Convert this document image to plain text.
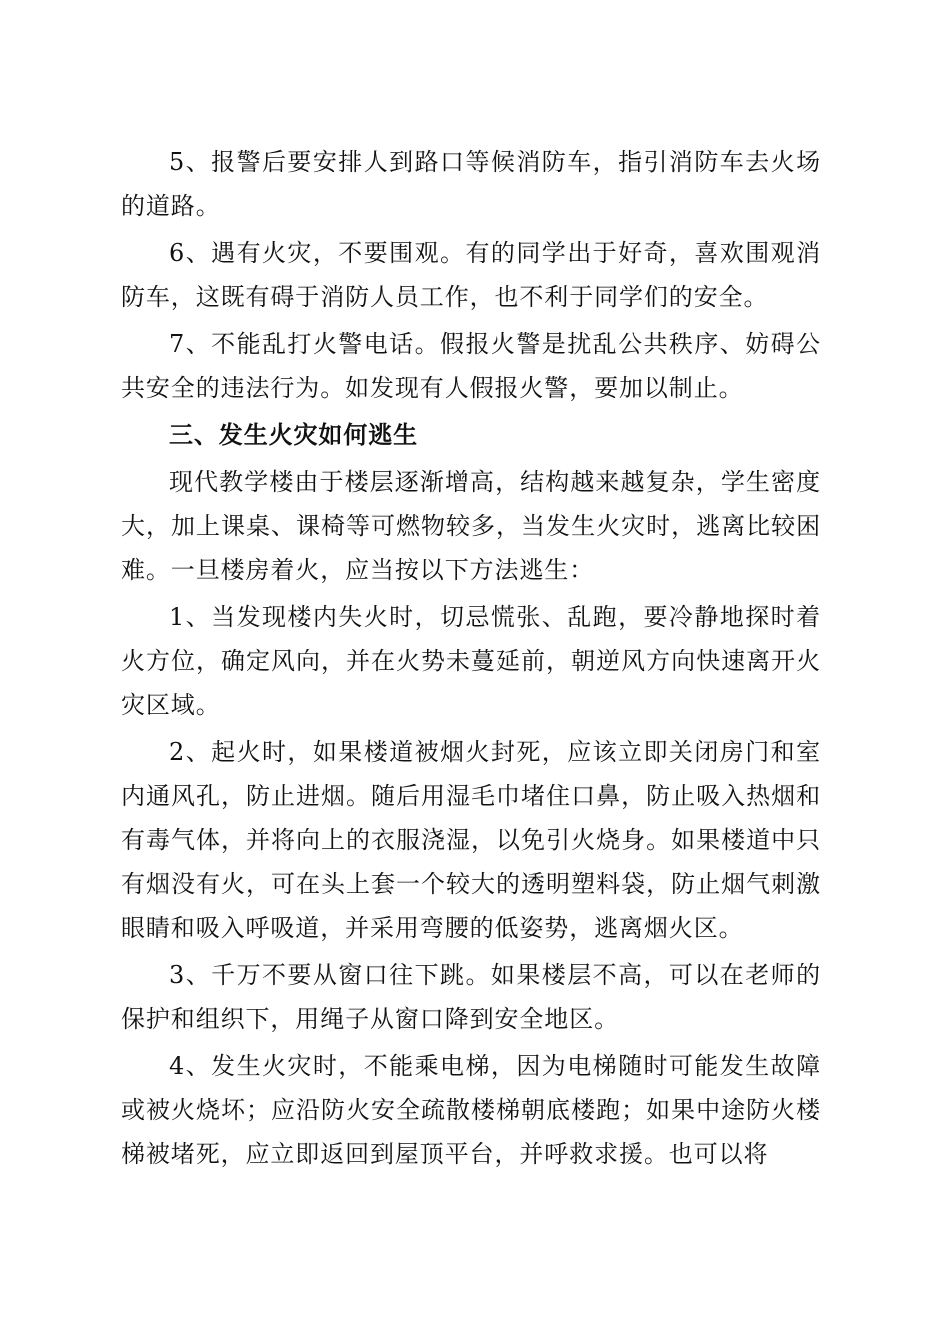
5、报警后要安排人到路口等候消防车，指引消防车去火场的道路。

6、遇有火灾，不要围观。有的同学出于好奇，喜欢围观消防车，这既有碍于消防人员工作，也不利于同学们的安全。

7、不能乱打火警电话。假报火警是扰乱公共秩序、妨碍公共安全的违法行为。如发现有人假报火警，要加以制止。

三、发生火灾如何逃生

现代教学楼由于楼层逐渐增高，结构越来越复杂，学生密度大，加上课桌、课椅等可燃物较多，当发生火灾时，逃离比较困难。一旦楼房着火，应当按以下方法逃生：

1、当发现楼内失火时，切忌慌张、乱跑，要冷静地探时着火方位，确定风向，并在火势未蔓延前，朝逆风方向快速离开火灾区域。

2、起火时，如果楼道被烟火封死，应该立即关闭房门和室内通风孔，防止进烟。随后用湿毛巾堵住口鼻，防止吸入热烟和有毒气体，并将向上的衣服浇湿，以免引火烧身。如果楼道中只有烟没有火，可在头上套一个较大的透明塑料袋，防止烟气刺激眼睛和吸入呼吸道，并采用弯腰的低姿势，逃离烟火区。

3、千万不要从窗口往下跳。如果楼层不高，可以在老师的保护和组织下，用绳子从窗口降到安全地区。

4、发生火灾时，不能乘电梯，因为电梯随时可能发生故障或被火烧坏；应沿防火安全疏散楼梯朝底楼跑；如果中途防火楼梯被堵死，应立即返回到屋顶平台，并呼救求援。也可以将
